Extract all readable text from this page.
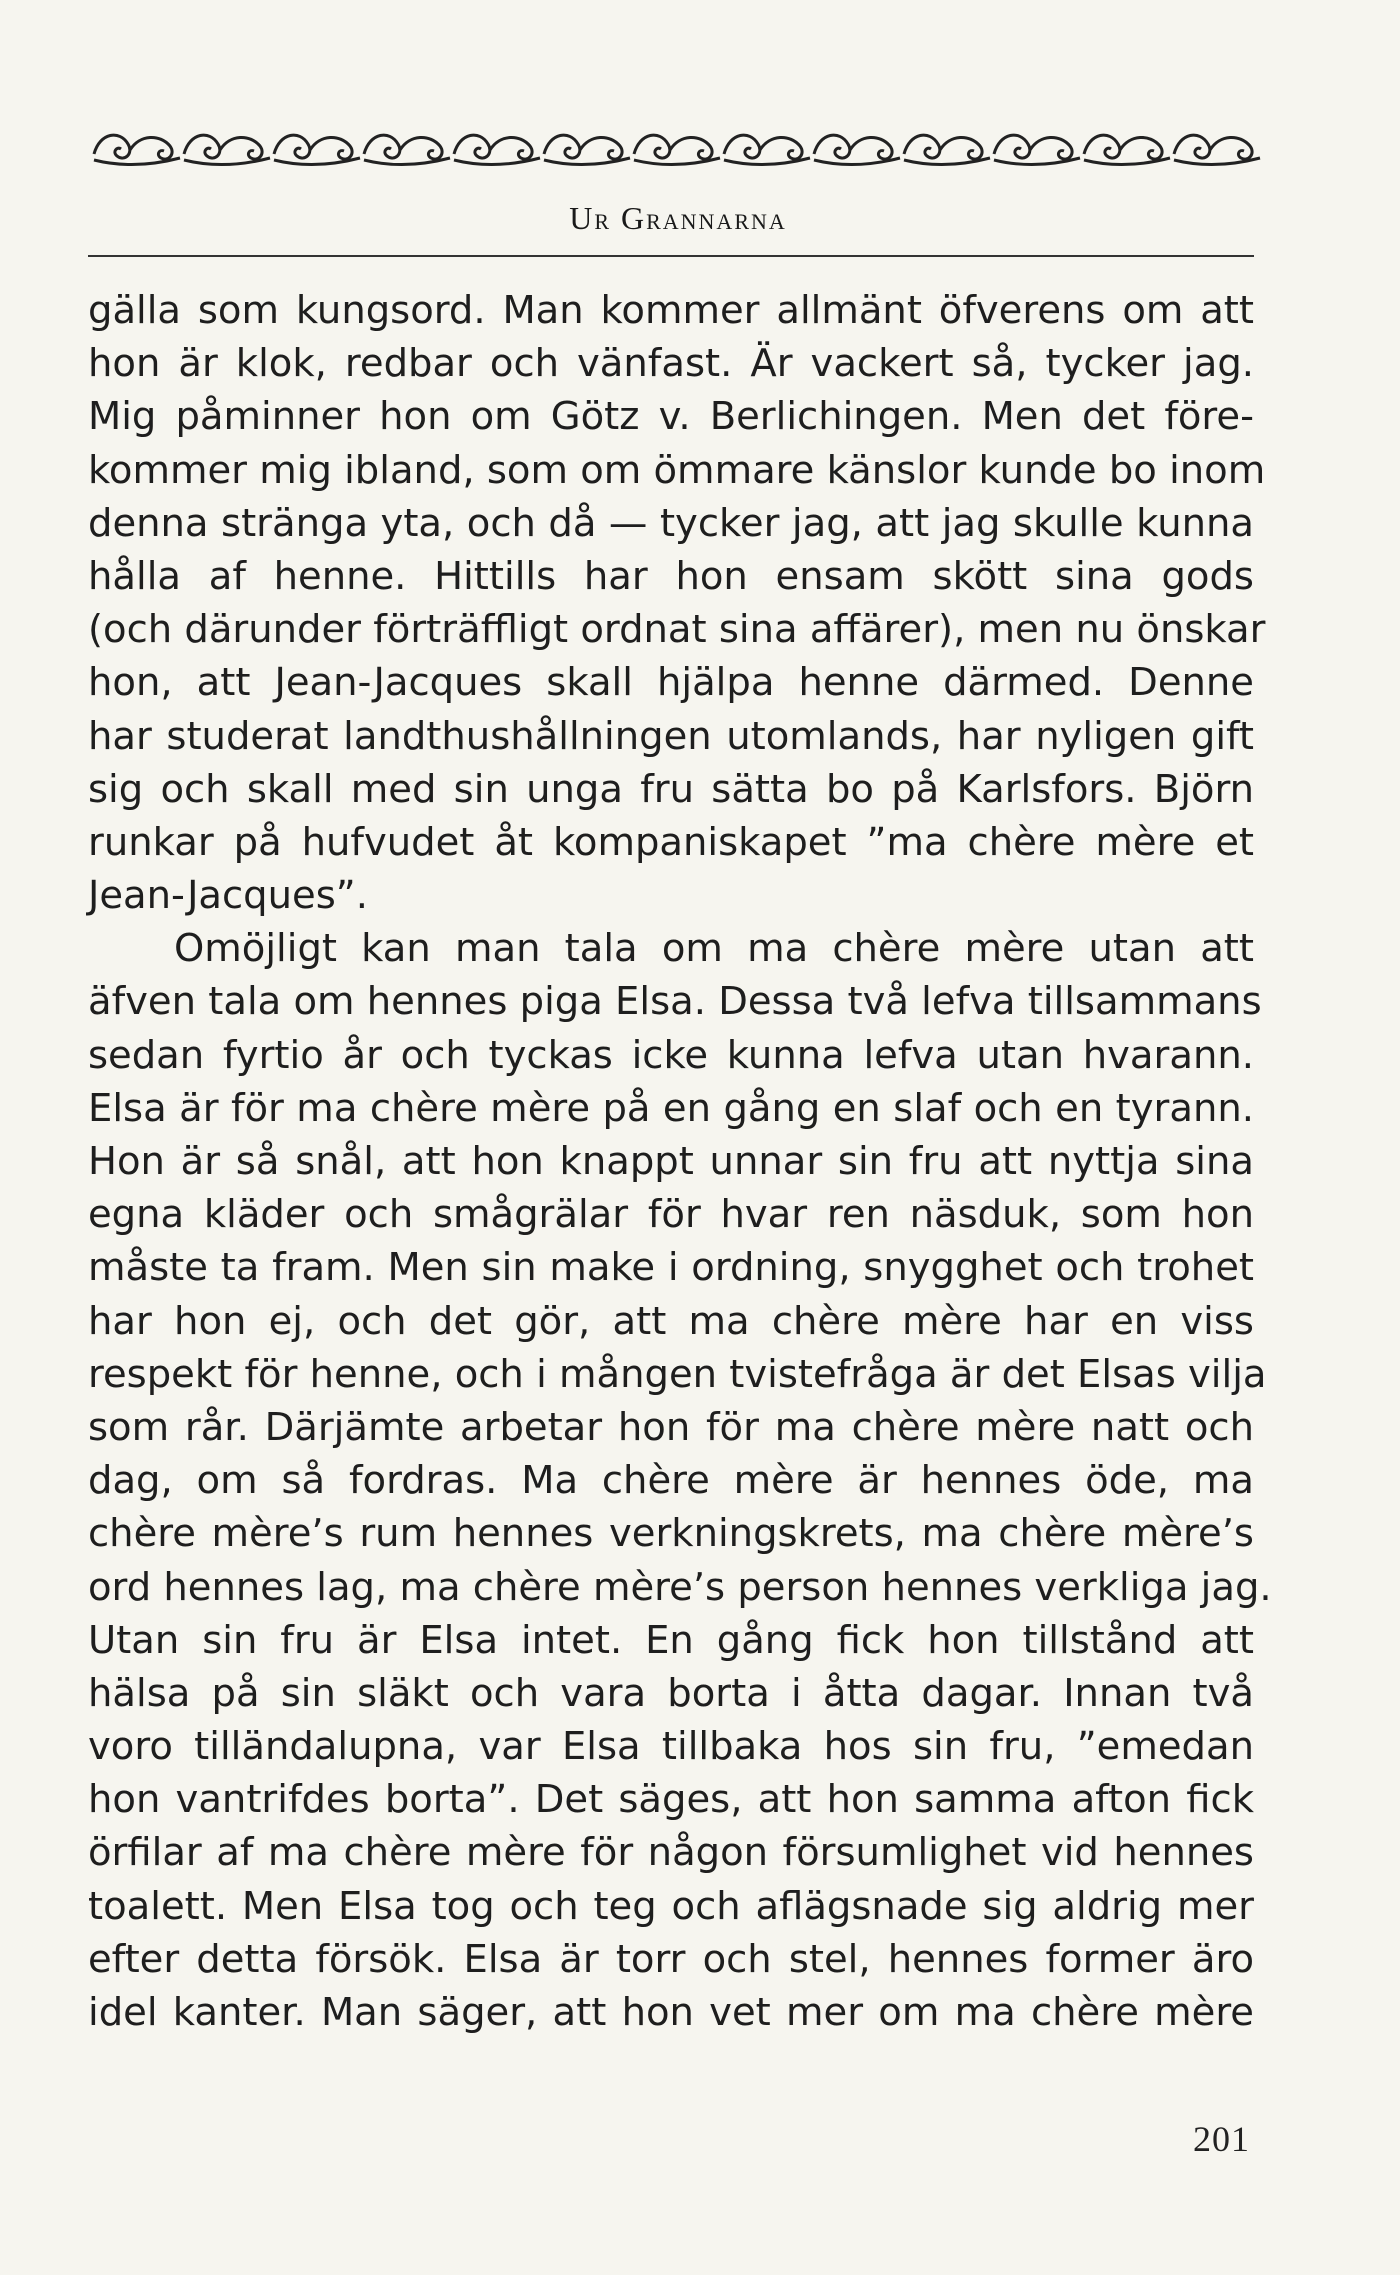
Ur Grannarna
gälla som kungsord. Man kommer allmänt öfverens om att
hon är klok, redbar och vänfast. Är vackert så, tycker jag.
Mig påminner hon om Götz v. Berlichingen. Men det före-
kommer mig ibland, som om ömmare känslor kunde bo inom
denna stränga yta, och då — tycker jag, att jag skulle kunna
hålla af henne. Hittills har hon ensam skött sina gods
(och därunder förträffligt ordnat sina affärer), men nu önskar
hon, att Jean-Jacques skall hjälpa henne därmed. Denne
har studerat landthushållningen utomlands, har nyligen gift
sig och skall med sin unga fru sätta bo på Karlsfors. Björn
runkar på hufvudet åt kompaniskapet ”ma chère mère et
Jean-Jacques”.
Omöjligt kan man tala om ma chère mère utan att
äfven tala om hennes piga Elsa. Dessa två lefva tillsammans
sedan fyrtio år och tyckas icke kunna lefva utan hvarann.
Elsa är för ma chère mère på en gång en slaf och en tyrann.
Hon är så snål, att hon knappt unnar sin fru att nyttja sina
egna kläder och smågrälar för hvar ren näsduk, som hon
måste ta fram. Men sin make i ordning, snygghet och trohet
har hon ej, och det gör, att ma chère mère har en viss
respekt för henne, och i mången tvistefråga är det Elsas vilja
som rår. Därjämte arbetar hon för ma chère mère natt och
dag, om så fordras. Ma chère mère är hennes öde, ma
chère mère’s rum hennes verkningskrets, ma chère mère’s
ord hennes lag, ma chère mère’s person hennes verkliga jag.
Utan sin fru är Elsa intet. En gång fick hon tillstånd att
hälsa på sin släkt och vara borta i åtta dagar. Innan två
voro tilländalupna, var Elsa tillbaka hos sin fru, ”emedan
hon vantrifdes borta”. Det säges, att hon samma afton fick
örfilar af ma chère mère för någon försumlighet vid hennes
toalett. Men Elsa tog och teg och aflägsnade sig aldrig mer
efter detta försök. Elsa är torr och stel, hennes former äro
idel kanter. Man säger, att hon vet mer om ma chère mère
201
